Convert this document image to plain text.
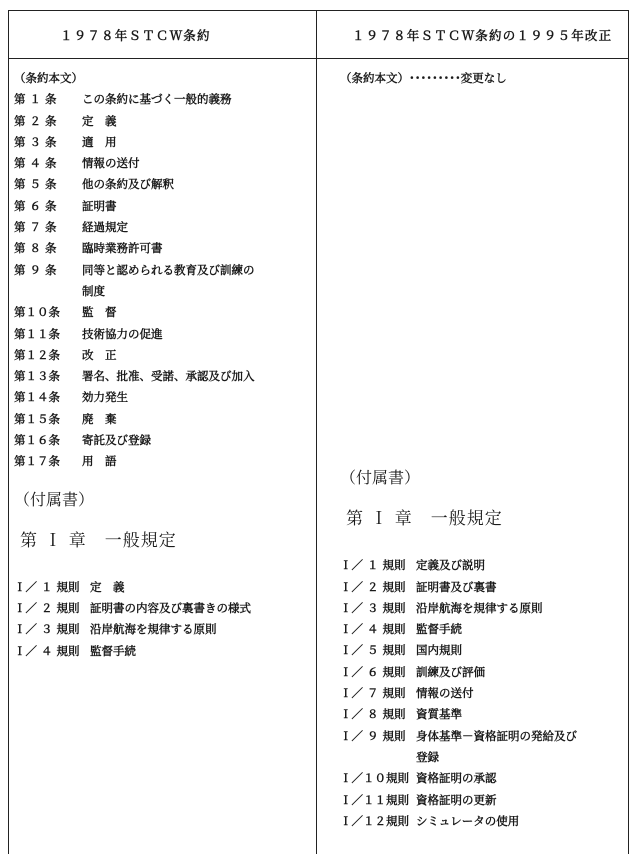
１９７８年ＳＴＣＷ条約	１９７８年ＳＴＣＷ条約の１９９５年改正
（条約本文）
第 １ 条 この条約に基づく一般的義務
第 ２ 条 定　義
第 ３ 条 適　用
第 ４ 条 情報の送付
第 ５ 条 他の条約及び解釈
第 ６ 条 証明書
第 ７ 条 経過規定
第 ８ 条 臨時業務許可書
第 ９ 条 同等と認められる教育及び訓練の
制度
第１０条 監　督
第１１条 技術協力の促進
第１２条 改　正
第１３条 署名、批准、受諾、承認及び加入
第１４条 効力発生
第１５条 廃　棄
第１６条 寄託及び登録
第１７条 用　語
（付属書）
第 Ｉ 章　一般規定
Ｉ／ １ 規則 定　義
Ｉ／ ２ 規則 証明書の内容及び裏書きの様式
Ｉ／ ３ 規則 沿岸航海を規律する原則
Ｉ／ ４ 規則 監督手続
（条約本文）･････････変更なし
（付属書）
第 Ｉ 章　一般規定
Ｉ／ １ 規則 定義及び説明
Ｉ／ ２ 規則 証明書及び裏書
Ｉ／ ３ 規則 沿岸航海を規律する原則
Ｉ／ ４ 規則 監督手続
Ｉ／ ５ 規則 国内規則
Ｉ／ ６ 規則 訓練及び評価
Ｉ／ ７ 規則 情報の送付
Ｉ／ ８ 規則 資質基準
Ｉ／ ９ 規則 身体基準－資格証明の発給及び
登録
Ｉ／１０規則 資格証明の承認
Ｉ／１１規則 資格証明の更新
Ｉ／１２規則 シミュレータの使用
